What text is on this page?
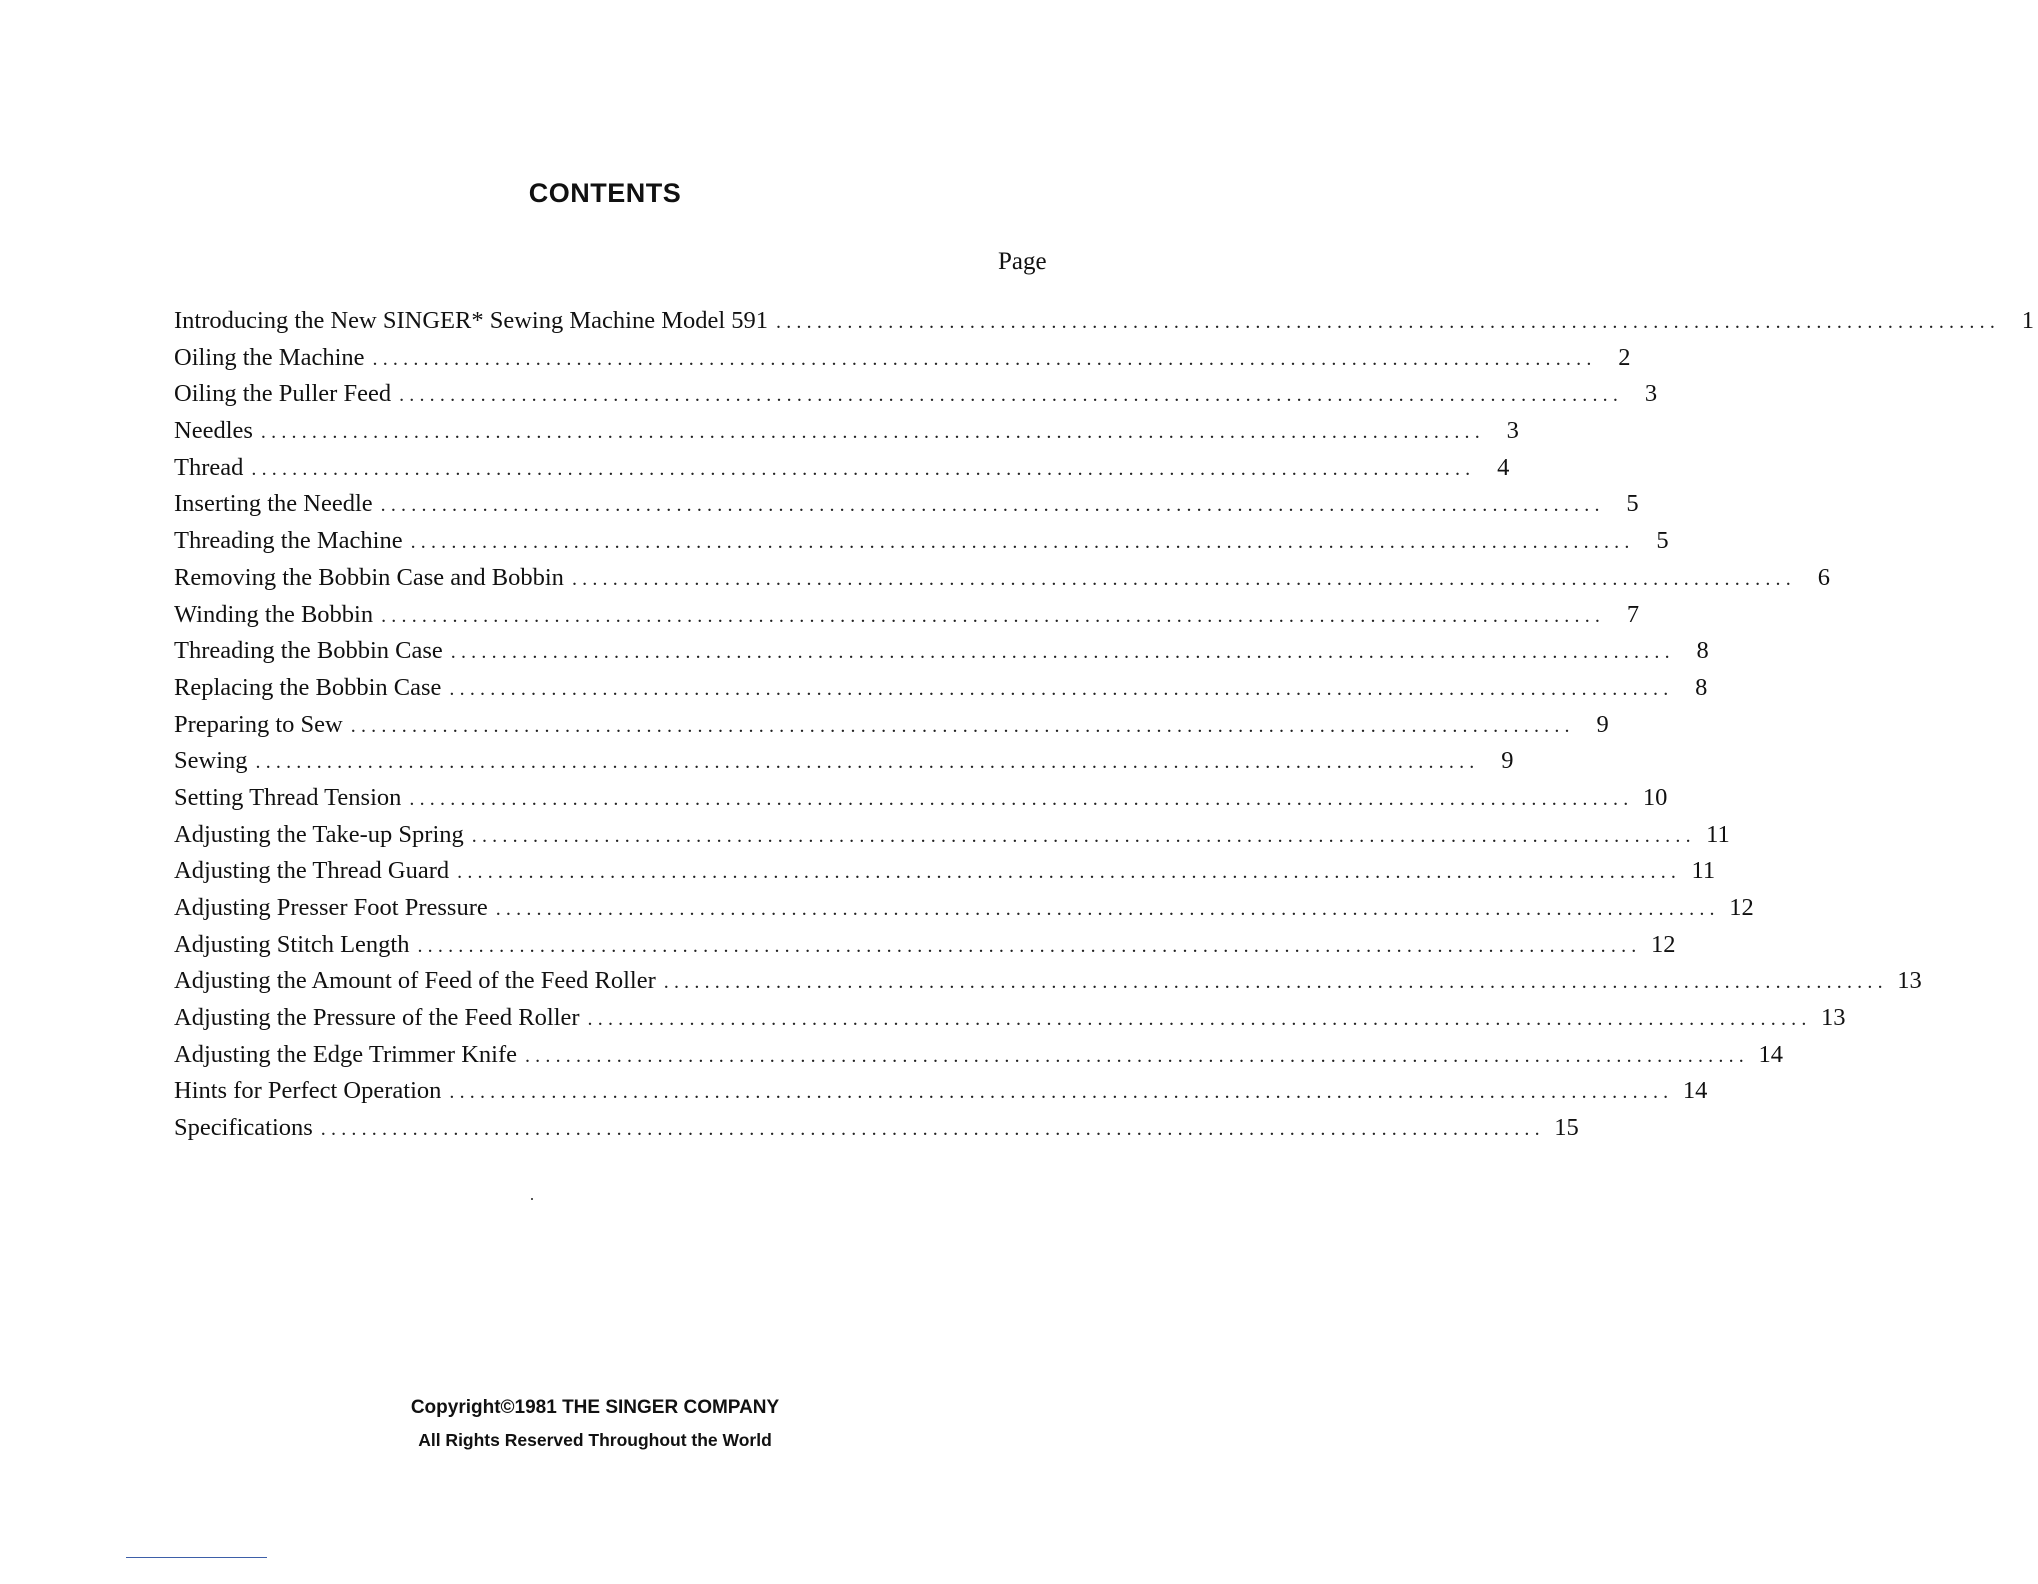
CONTENTS
Page
Introducing the New SINGER* Sewing Machine Model 591 ........................................................................................................................ 1
Oiling the Machine ........................................................................................................................ 2
Oiling the Puller Feed ........................................................................................................................ 3
Needles ........................................................................................................................ 3
Thread ........................................................................................................................ 4
Inserting the Needle ........................................................................................................................ 5
Threading the Machine ........................................................................................................................ 5
Removing the Bobbin Case and Bobbin ........................................................................................................................ 6
Winding the Bobbin ........................................................................................................................ 7
Threading the Bobbin Case ........................................................................................................................ 8
Replacing the Bobbin Case ........................................................................................................................ 8
Preparing to Sew ........................................................................................................................ 9
Sewing ........................................................................................................................ 9
Setting Thread Tension ........................................................................................................................ 10
Adjusting the Take-up Spring ........................................................................................................................ 11
Adjusting the Thread Guard ........................................................................................................................ 11
Adjusting Presser Foot Pressure ........................................................................................................................ 12
Adjusting Stitch Length ........................................................................................................................ 12
Adjusting the Amount of Feed of the Feed Roller ........................................................................................................................ 13
Adjusting the Pressure of the Feed Roller ........................................................................................................................ 13
Adjusting the Edge Trimmer Knife ........................................................................................................................ 14
Hints for Perfect Operation ........................................................................................................................ 14
Specifications ........................................................................................................................ 15
Copyright©1981 THE SINGER COMPANY
All Rights Reserved Throughout the World
